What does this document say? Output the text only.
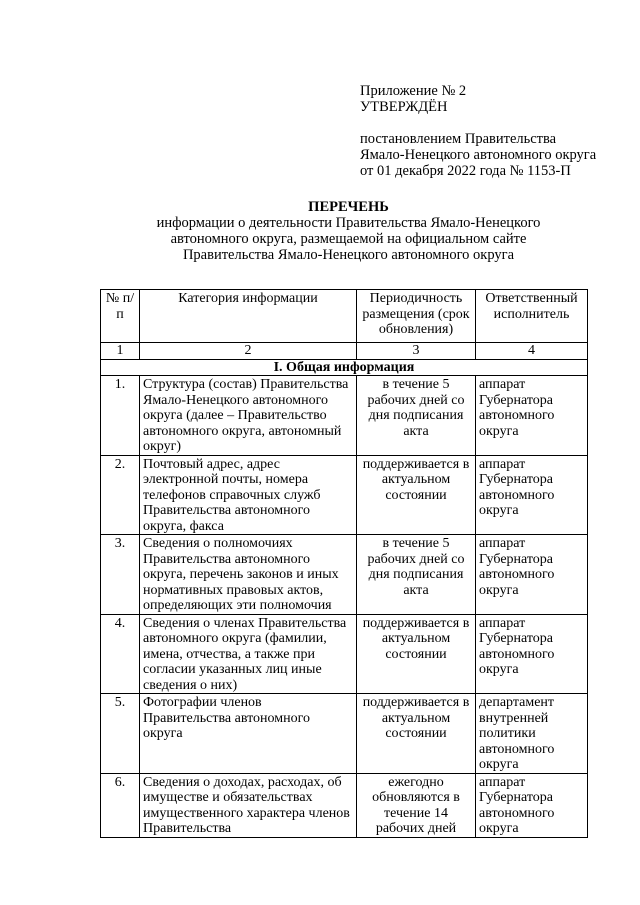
Приложение № 2
УТВЕРЖДЁН
постановлением Правительства
Ямало-Ненецкого автономного округа
от 01 декабря 2022 года № 1153-П
ПЕРЕЧЕНЬ
информации о деятельности Правительства Ямало-Ненецкого
автономного округа, размещаемой на официальном сайте
Правительства Ямало-Ненецкого автономного округа
№ п/п	Категория информации	Периодичность размещения (срок обновления)	Ответственный исполнитель
1	2	3	4
I. Общая информация			
1.	Структура (состав) Правительства Ямало-Ненецкого автономного округа (далее – Правительство автономного округа, автономный округ)	в течение 5 рабочих дней со дня подписания акта	аппарат Губернатора автономного округа
2.	Почтовый адрес, адрес электронной почты, номера телефонов справочных служб Правительства автономного округа, факса	поддерживается в актуальном состоянии	аппарат Губернатора автономного округа
3.	Сведения о полномочиях Правительства автономного округа, перечень законов и иных нормативных правовых актов, определяющих эти полномочия	в течение 5 рабочих дней со дня подписания акта	аппарат Губернатора автономного округа
4.	Сведения о членах Правительства автономного округа (фамилии, имена, отчества, а также при согласии указанных лиц иные сведения о них)	поддерживается в актуальном состоянии	аппарат Губернатора автономного округа
5.	Фотографии членов Правительства автономного округа	поддерживается в актуальном состоянии	департамент внутренней политики автономного округа
6.	Сведения о доходах, расходах, об имуществе и обязательствах имущественного характера членов Правительства	ежегодно обновляются в течение 14 рабочих дней	аппарат Губернатора автономного округа
